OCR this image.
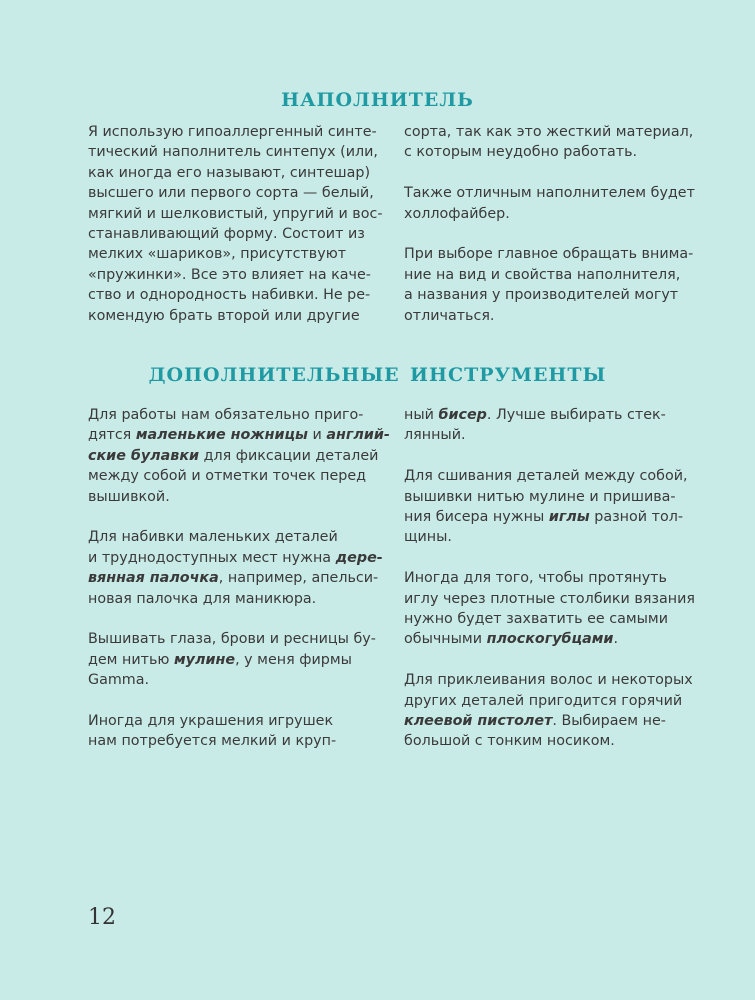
наполнитель

Я использую гипоаллергенный синте-
тический наполнитель синтепух (или,
как иногда его называют, синтешар)
высшего или первого сорта — белый,
мягкий и шелковистый, упругий и вос-
станавливающий форму. Состоит из
мелких «шариков», присутствуют
«пружинки». Все это влияет на каче-
ство и однородность набивки. Не ре-
комендую брать второй или другие

сорта, так как это жесткий материал,
с которым неудобно работать.

Также отличным наполнителем будет
холлофайбер.

При выборе главное обращать внима-
ние на вид и свойства наполнителя,
а названия у производителей могут
отличаться.

дополнительные инструменты

Для работы нам обязательно приго-
дятся маленькие ножницы и англий-
ские булавки для фиксации деталей
между собой и отметки точек перед
вышивкой.

Для набивки маленьких деталей
и труднодоступных мест нужна дере-
вянная палочка, например, апельси-
новая палочка для маникюра.

Вышивать глаза, брови и ресницы бу-
дем нитью мулине, у меня фирмы
Gamma.

Иногда для украшения игрушек
нам потребуется мелкий и круп-

ный бисер. Лучше выбирать стек-
лянный.

Для сшивания деталей между собой,
вышивки нитью мулине и пришива-
ния бисера нужны иглы разной тол-
щины.

Иногда для того, чтобы протянуть
иглу через плотные столбики вязания
нужно будет захватить ее самыми
обычными плоскогубцами.

Для приклеивания волос и некоторых
других деталей пригодится горячий
клеевой пистолет. Выбираем не-
большой с тонким носиком.

12
